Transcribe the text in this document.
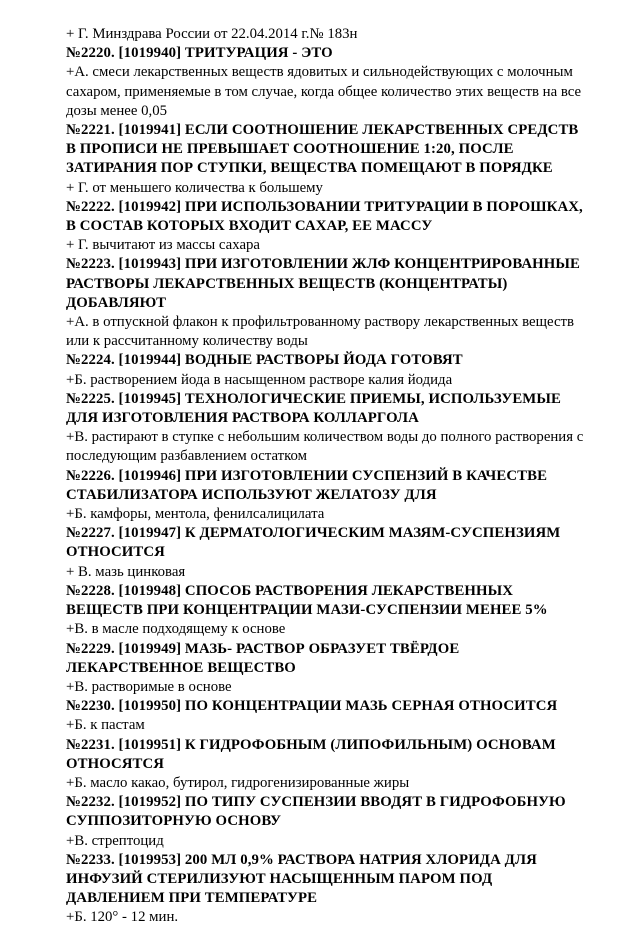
+ Г. Минздрава России от 22.04.2014 г.№ 183н

№2220. [1019940] ТРИТУРАЦИЯ - ЭТО

+А. смеси лекарственных веществ ядовитых и сильнодействующих с молочным сахаром, применяемые в том случае, когда общее количество этих веществ на все дозы менее 0,05

№2221. [1019941] ЕСЛИ СООТНОШЕНИЕ ЛЕКАРСТВЕННЫХ СРЕДСТВ В ПРОПИСИ НЕ ПРЕВЫШАЕТ СООТНОШЕНИЕ 1:20, ПОСЛЕ ЗАТИРАНИЯ ПОР СТУПКИ, ВЕЩЕСТВА ПОМЕЩАЮТ В ПОРЯДКЕ

+ Г. от меньшего количества к большему

№2222. [1019942] ПРИ ИСПОЛЬЗОВАНИИ ТРИТУРАЦИИ В ПОРОШКАХ, В СОСТАВ КОТОРЫХ ВХОДИТ САХАР, ЕЕ МАССУ

+ Г. вычитают из массы сахара

№2223. [1019943] ПРИ ИЗГОТОВЛЕНИИ ЖЛФ КОНЦЕНТРИРОВАННЫЕ РАСТВОРЫ ЛЕКАРСТВЕННЫХ ВЕЩЕСТВ (КОНЦЕНТРАТЫ) ДОБАВЛЯЮТ

+А. в отпускной флакон к профильтрованному раствору лекарственных веществ или к рассчитанному количеству воды

№2224. [1019944] ВОДНЫЕ РАСТВОРЫ ЙОДА ГОТОВЯТ

+Б. растворением йода в насыщенном растворе калия йодида

№2225. [1019945] ТЕХНОЛОГИЧЕСКИЕ ПРИЕМЫ, ИСПОЛЬЗУЕМЫЕ ДЛЯ ИЗГОТОВЛЕНИЯ РАСТВОРА КОЛЛАРГОЛА

+В. растирают в ступке с небольшим количеством воды до полного растворения с последующим разбавлением остатком

№2226. [1019946] ПРИ ИЗГОТОВЛЕНИИ СУСПЕНЗИЙ В КАЧЕСТВЕ СТАБИЛИЗАТОРА ИСПОЛЬЗУЮТ ЖЕЛАТОЗУ ДЛЯ

+Б. камфоры, ментола, фенилсалицилата

№2227. [1019947] К ДЕРМАТОЛОГИЧЕСКИМ МАЗЯМ-СУСПЕНЗИЯМ ОТНОСИТСЯ

+ В. мазь цинковая

№2228. [1019948] СПОСОБ РАСТВОРЕНИЯ ЛЕКАРСТВЕННЫХ ВЕЩЕСТВ ПРИ КОНЦЕНТРАЦИИ МАЗИ-СУСПЕНЗИИ МЕНЕЕ 5%

+В. в масле подходящему к основе

№2229. [1019949] МАЗЬ- РАСТВОР ОБРАЗУЕТ ТВЁРДОЕ ЛЕКАРСТВЕННОЕ ВЕЩЕСТВО

+В. растворимые в основе

№2230. [1019950] ПО КОНЦЕНТРАЦИИ МАЗЬ СЕРНАЯ ОТНОСИТСЯ

+Б. к пастам

№2231. [1019951] К ГИДРОФОБНЫМ (ЛИПОФИЛЬНЫМ) ОСНОВАМ ОТНОСЯТСЯ

+Б. масло какао, бутирол, гидрогенизированные жиры

№2232. [1019952] ПО ТИПУ СУСПЕНЗИИ ВВОДЯТ В ГИДРОФОБНУЮ СУППОЗИТОРНУЮ ОСНОВУ

+В. стрептоцид

№2233. [1019953] 200 МЛ 0,9% РАСТВОРА НАТРИЯ ХЛОРИДА ДЛЯ ИНФУЗИЙ СТЕРИЛИЗУЮТ НАСЫЩЕННЫМ ПАРОМ ПОД ДАВЛЕНИЕМ ПРИ ТЕМПЕРАТУРЕ

+Б. 120° - 12 мин.
